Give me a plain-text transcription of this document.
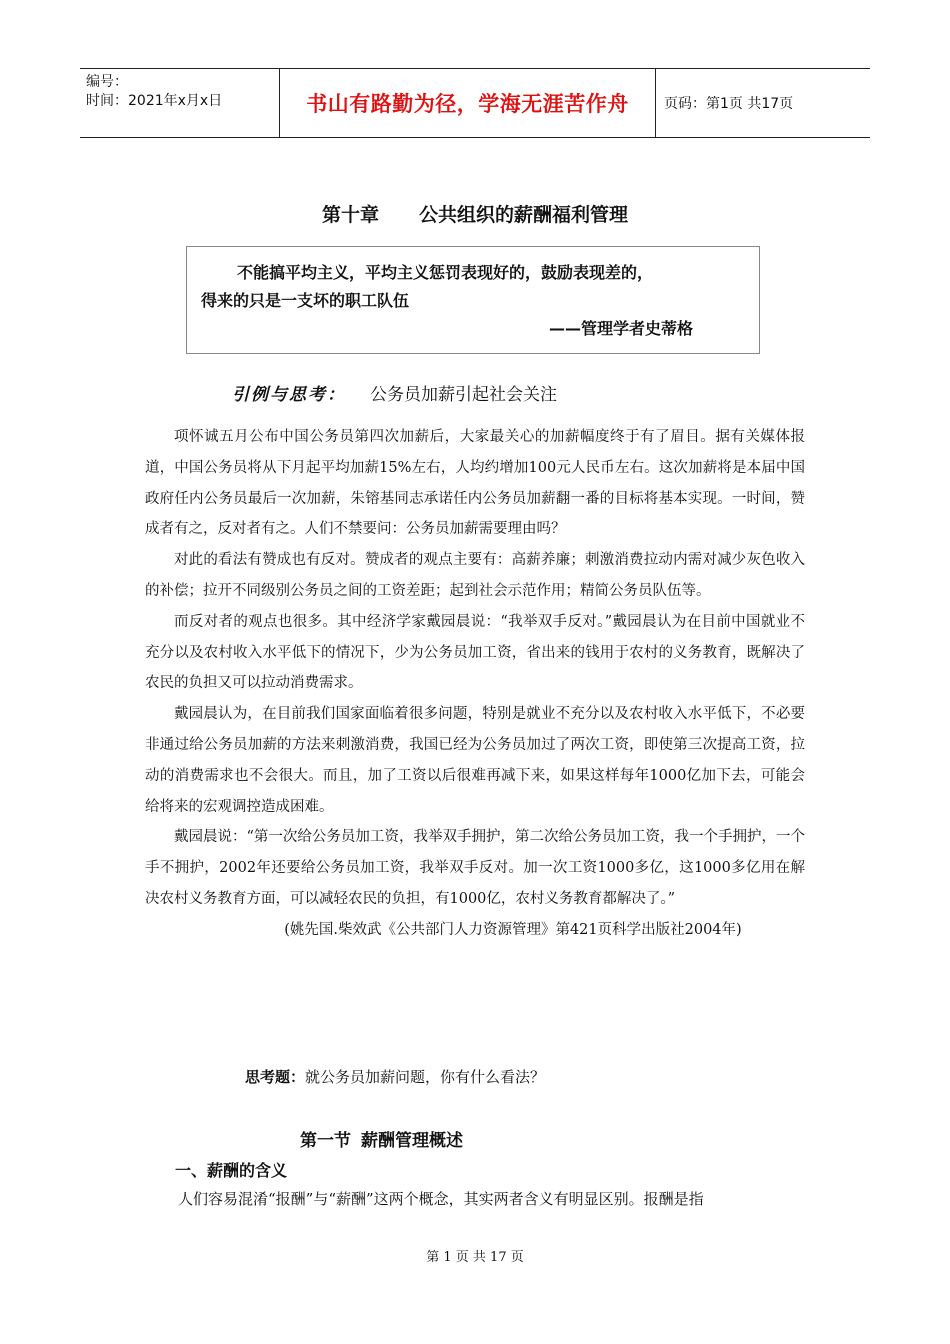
编号：
时间：2021年x月x日	书山有路勤为径，学海无涯苦作舟	页码：第1页 共17页
第十章 公共组织的薪酬福利管理
不能搞平均主义，平均主义惩罚表现好的，鼓励表现差的，
得来的只是一支坏的职工队伍
——管理学者史蒂格
引例与思考： 公务员加薪引起社会关注

项怀诚五月公布中国公务员第四次加薪后，大家最关心的加薪幅度终于有了眉目。据有关媒体报道，中国公务员将从下月起平均加薪15%左右，人均约增加100元人民币左右。这次加薪将是本届中国政府任内公务员最后一次加薪，朱镕基同志承诺任内公务员加薪翻一番的目标将基本实现。一时间，赞成者有之，反对者有之。人们不禁要问：公务员加薪需要理由吗？

对此的看法有赞成也有反对。赞成者的观点主要有：高薪养廉；刺激消费拉动内需对减少灰色收入的补偿；拉开不同级别公务员之间的工资差距；起到社会示范作用；精简公务员队伍等。

而反对者的观点也很多。其中经济学家戴园晨说：“我举双手反对。”戴园晨认为在目前中国就业不充分以及农村收入水平低下的情况下，少为公务员加工资，省出来的钱用于农村的义务教育，既解决了农民的负担又可以拉动消费需求。

戴园晨认为，在目前我们国家面临着很多问题，特别是就业不充分以及农村收入水平低下，不必要非通过给公务员加薪的方法来刺激消费，我国已经为公务员加过了两次工资，即使第三次提高工资，拉动的消费需求也不会很大。而且，加了工资以后很难再减下来，如果这样每年1000亿加下去，可能会给将来的宏观调控造成困难。

戴园晨说：“第一次给公务员加工资，我举双手拥护，第二次给公务员加工资，我一个手拥护，一个手不拥护，2002年还要给公务员加工资，我举双手反对。加一次工资1000多亿，这1000多亿用在解决农村义务教育方面，可以减轻农民的负担，有1000亿，农村义务教育都解决了。”

(姚先国.柴效武《公共部门人力资源管理》第421页科学出版社2004年)

思考题：就公务员加薪问题，你有什么看法？
第一节 薪酬管理概述
一、薪酬的含义
人们容易混淆“报酬”与“薪酬”这两个概念，其实两者含义有明显区别。报酬是指
第 1 页 共 17 页
